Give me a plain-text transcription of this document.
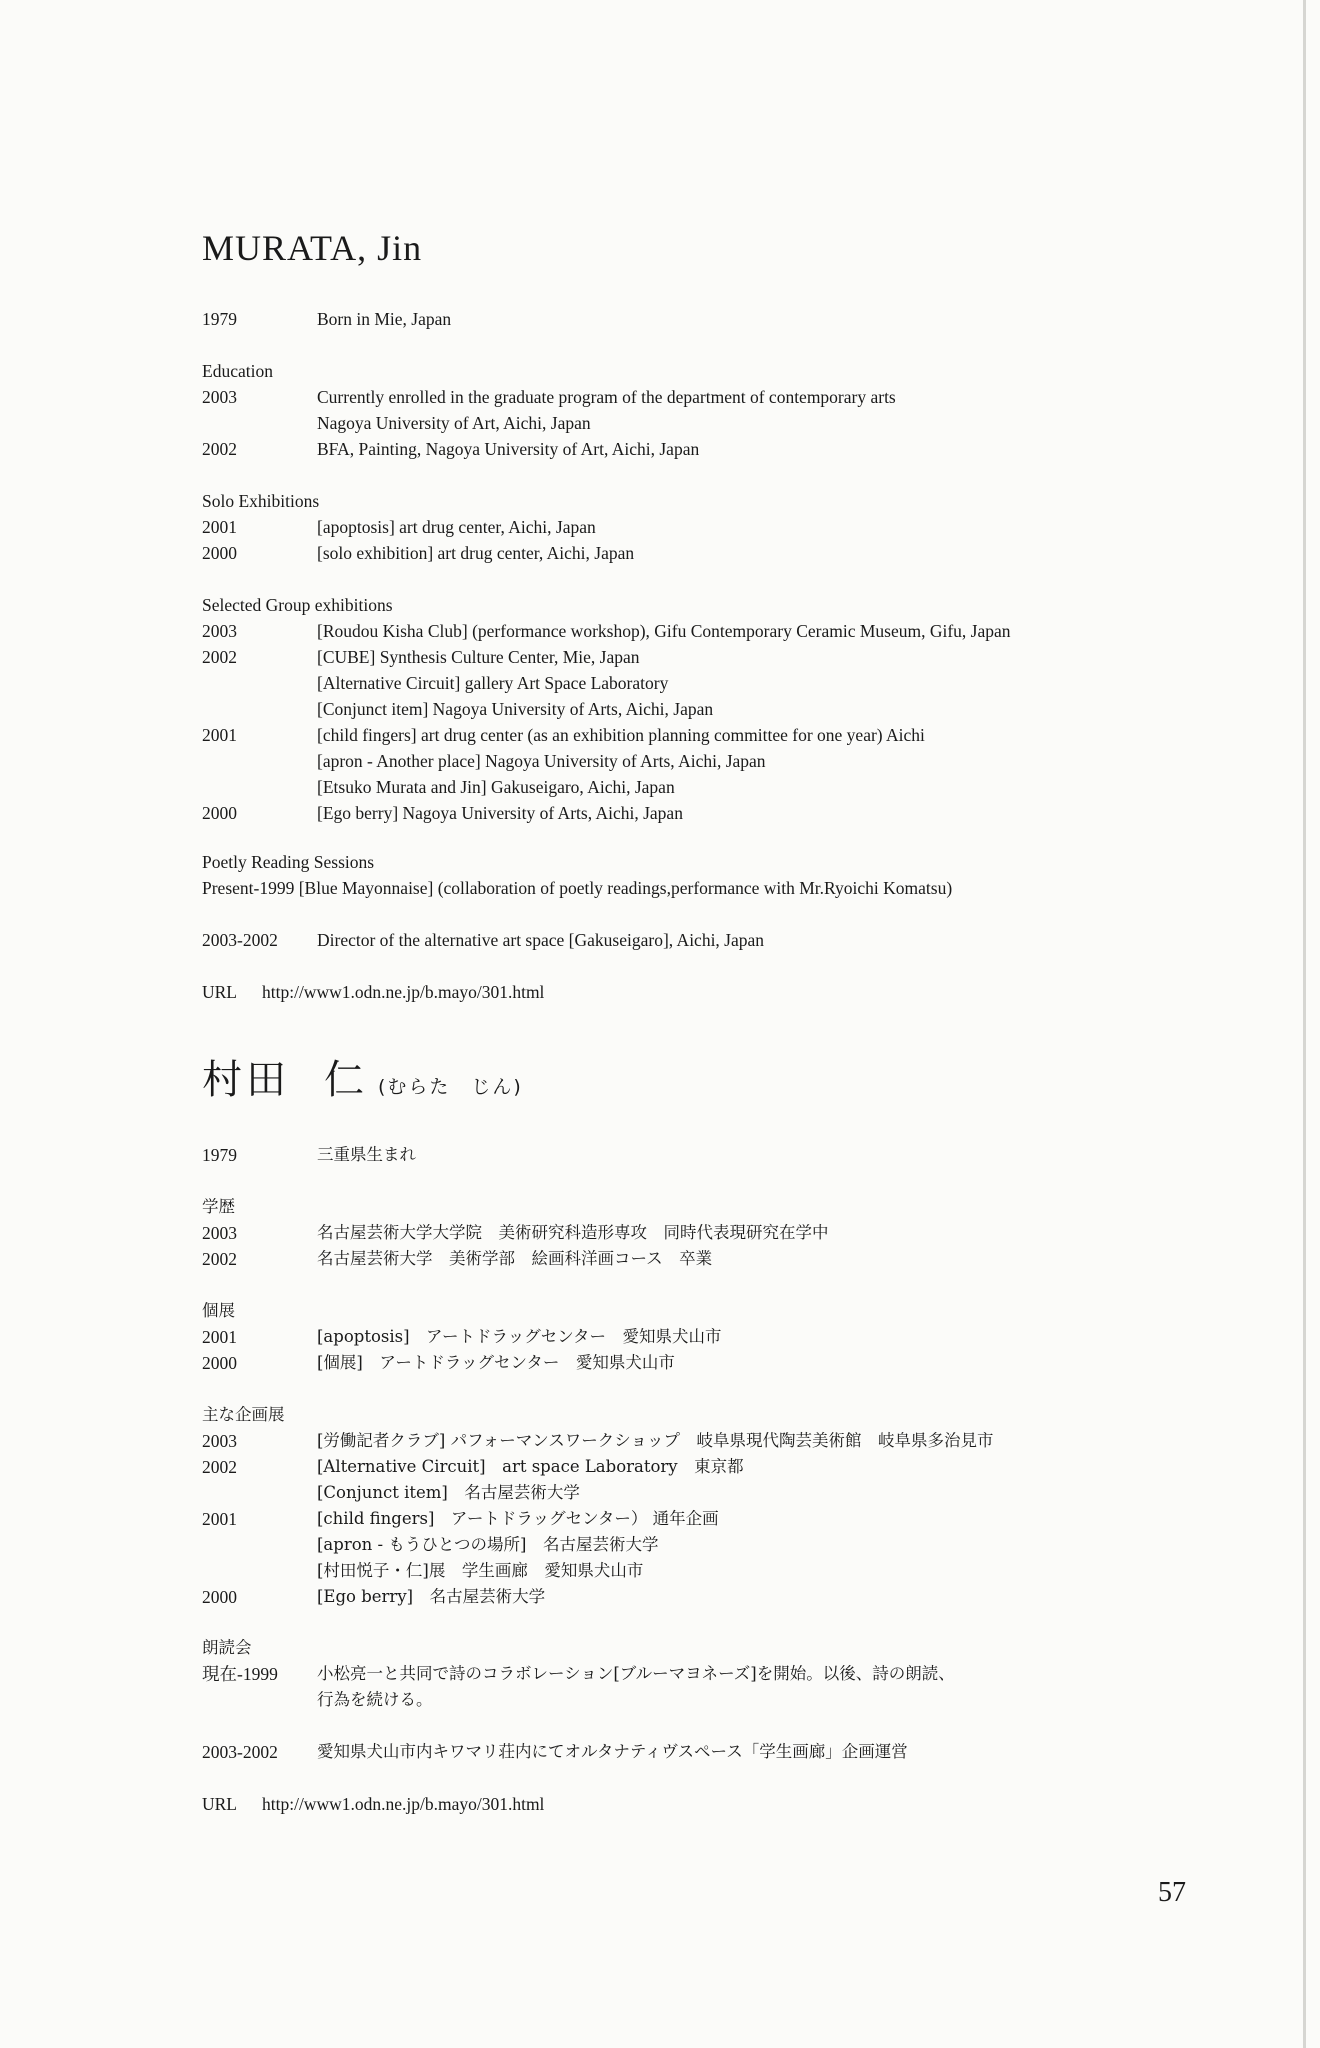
MURATA, Jin
1979	Born in Mie, Japan
Education
2003	Currently enrolled in the graduate program of the department of contemporary arts
Nagoya University of Art, Aichi, Japan
2002	BFA, Painting, Nagoya University of Art, Aichi, Japan
Solo Exhibitions
2001	[apoptosis] art drug center, Aichi, Japan
2000	[solo exhibition] art drug center, Aichi, Japan
Selected Group exhibitions
2003	[Roudou Kisha Club] (performance workshop), Gifu Contemporary Ceramic Museum, Gifu, Japan
2002	[CUBE] Synthesis Culture Center, Mie, Japan
[Alternative Circuit] gallery Art Space Laboratory
[Conjunct item] Nagoya University of Arts, Aichi, Japan
2001	[child fingers] art drug center (as an exhibition planning committee for one year) Aichi
[apron - Another place] Nagoya University of Arts, Aichi, Japan
[Etsuko Murata and Jin] Gakuseigaro, Aichi, Japan
2000	[Ego berry] Nagoya University of Arts, Aichi, Japan
Poetly Reading Sessions
Present-1999 [Blue Mayonnaise] (collaboration of poetly readings,performance with Mr.Ryoichi Komatsu)
2003-2002 Director of the alternative art space [Gakuseigaro], Aichi, Japan
URL http://www1.odn.ne.jp/b.mayo/301.html
村田 仁 (むらた　じん)
1979	三重県生まれ
学歴
2003	名古屋芸術大学大学院　美術研究科造形専攻　同時代表現研究在学中
2002	名古屋芸術大学　美術学部　絵画科洋画コース　卒業
個展
2001	[apoptosis]　アートドラッグセンター　愛知県犬山市
2000	[個展]　アートドラッグセンター　愛知県犬山市
主な企画展
2003	[労働記者クラブ] パフォーマンスワークショップ　岐阜県現代陶芸美術館　岐阜県多治見市
2002	[Alternative Circuit]　art space Laboratory　東京都
[Conjunct item]　名古屋芸術大学
2001	[child fingers]　アートドラッグセンター） 通年企画
[apron - もうひとつの場所]　名古屋芸術大学
[村田悦子・仁]展　学生画廊　愛知県犬山市
2000	[Ego berry]　名古屋芸術大学
朗読会
現在-1999 小松亮一と共同で詩のコラボレーション[ブルーマヨネーズ]を開始。以後、詩の朗読、
行為を続ける。
2003-2002 愛知県犬山市内キワマリ荘内にてオルタナティヴスペース「学生画廊」企画運営
URL http://www1.odn.ne.jp/b.mayo/301.html
57
